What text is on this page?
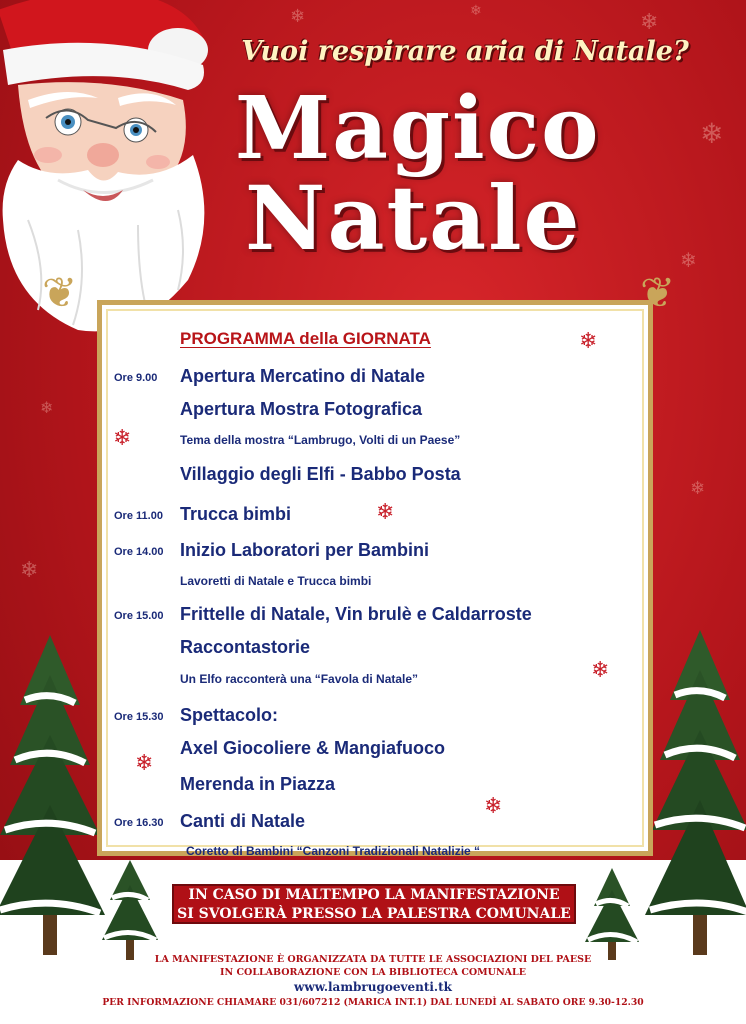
❄	❄	❄
❄
❄
❄
❄
❄
Vuoi respirare aria di Natale?
Magico
Natale
❦	❦
PROGRAMMA della GIORNATA	❄
❄
❄
❄
❄
❄
Ore 9.00 Apertura Mercatino di Natale
Apertura Mostra Fotografica
Tema della mostra “Lambrugo, Volti di un Paese”
Villaggio degli Elfi - Babbo Posta
Ore 11.00 Trucca bimbi
Ore 14.00 Inizio Laboratori per Bambini
Lavoretti di Natale e Trucca bimbi
Ore 15.00 Frittelle di Natale, Vin brulè e Caldarroste
Raccontastorie
Un Elfo racconterà una “Favola di Natale”
Ore 15.30 Spettacolo:
Axel Giocoliere & Mangiafuoco
Merenda in Piazza
Ore 16.30 Canti di Natale
Coretto di Bambini “Canzoni Tradizionali Natalizie “
IN CASO DI MALTEMPO LA MANIFESTAZIONE
SI SVOLGERÀ PRESSO LA PALESTRA COMUNALE
LA MANIFESTAZIONE È ORGANIZZATA DA TUTTE LE ASSOCIAZIONI DEL PAESE
IN COLLABORAZIONE CON LA BIBLIOTECA COMUNALE
www.lambrugoeventi.tk
PER INFORMAZIONE CHIAMARE 031/607212 (MARICA INT.1) DAL LUNEDÌ AL SABATO ORE 9.30-12.30
